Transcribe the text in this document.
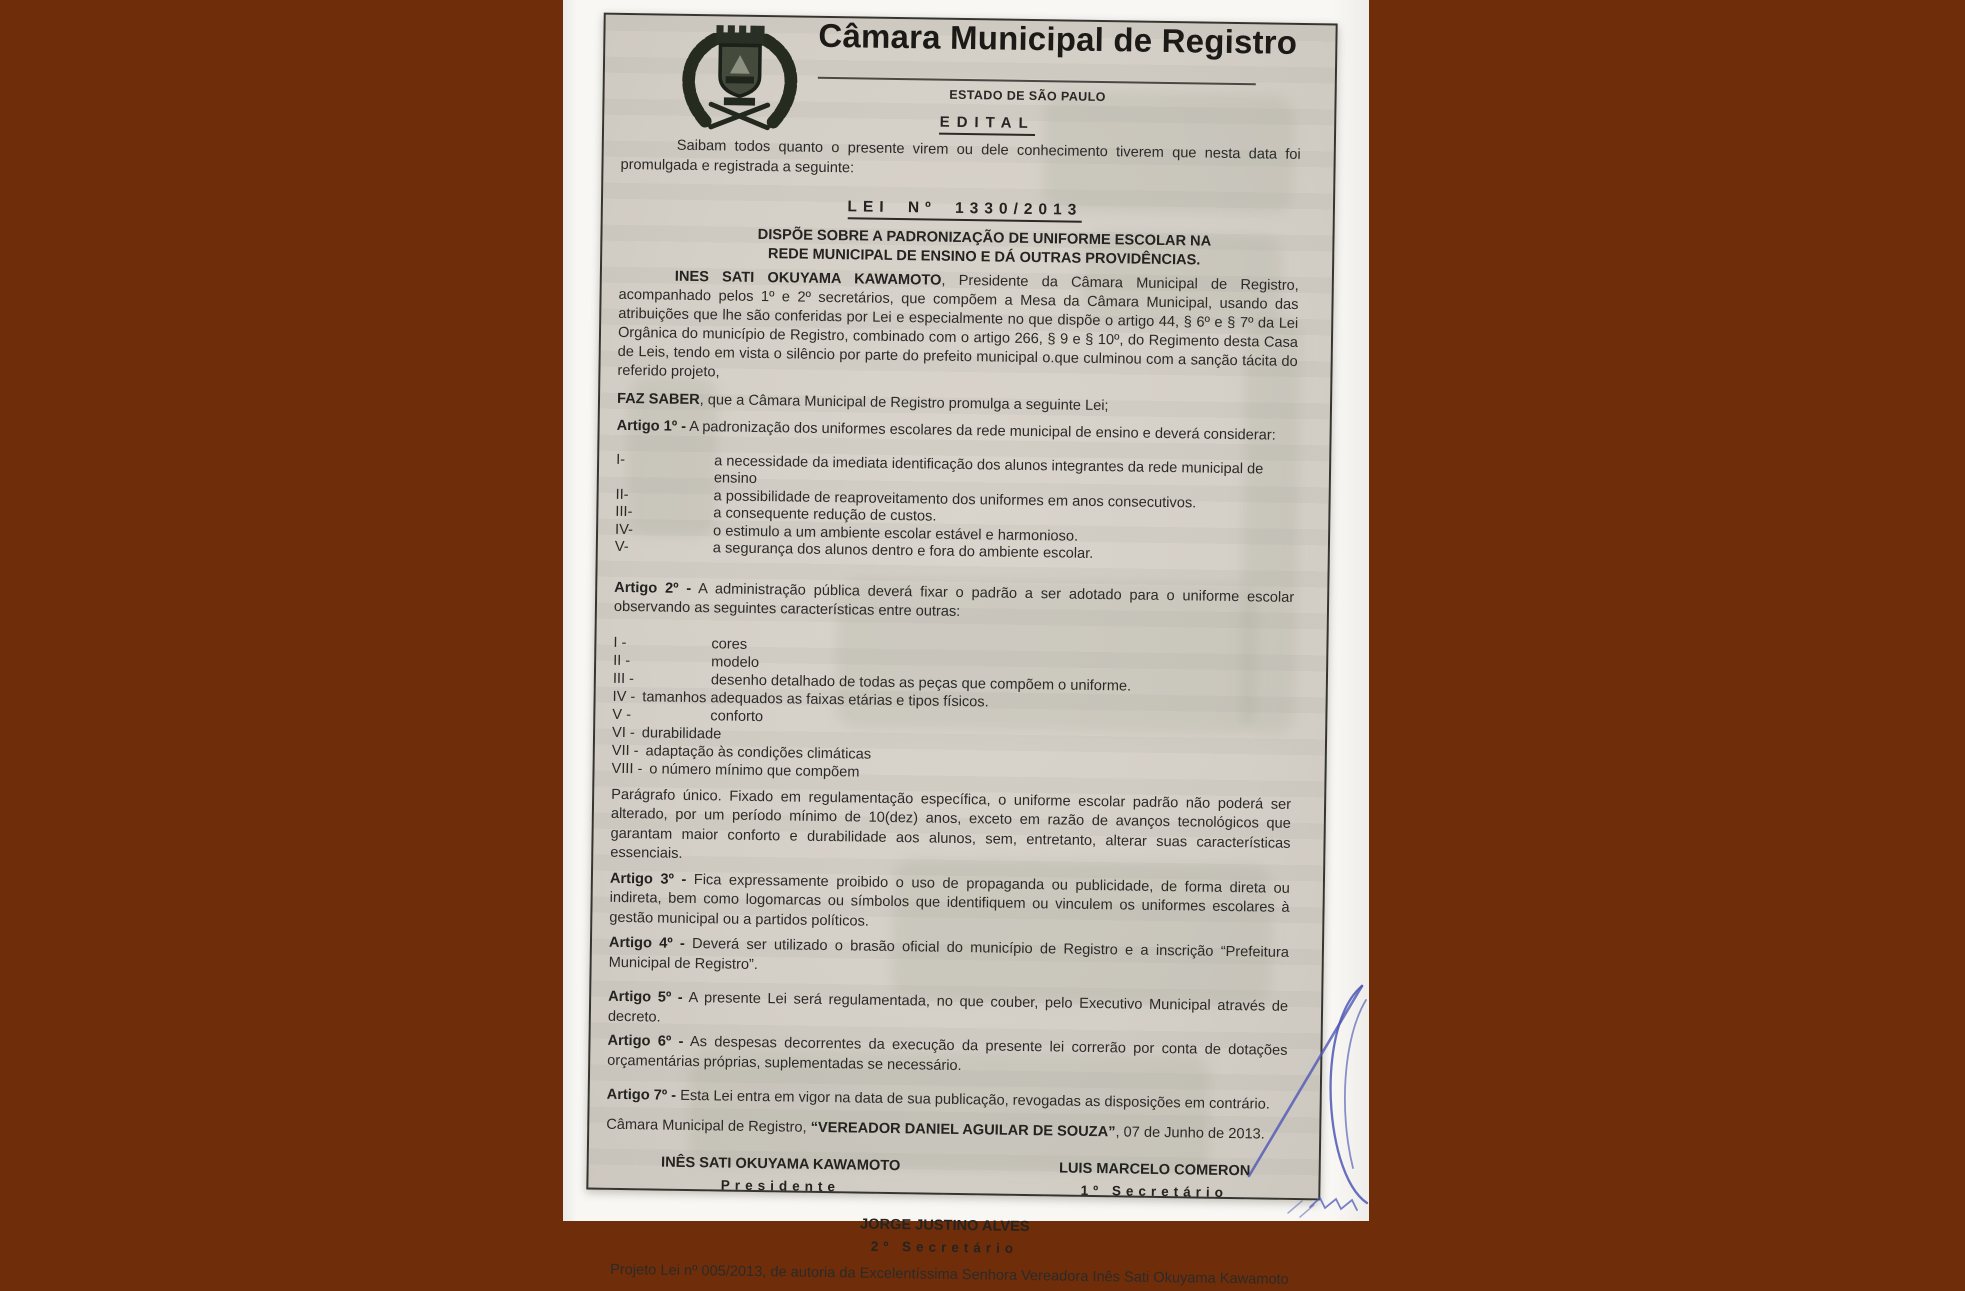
Câmara Municipal de Registro
ESTADO DE SÃO PAULO
EDITAL

Saibam todos quanto o presente virem ou dele conhecimento tiverem que nesta data foi promulgada e registrada a seguinte:

LEI Nº 1330/2013

DISPÕE SOBRE A PADRONIZAÇÃO DE UNIFORME ESCOLAR NA
REDE MUNICIPAL DE ENSINO E DÁ OUTRAS PROVIDÊNCIAS.

INES SATI OKUYAMA KAWAMOTO, Presidente da Câmara Municipal de Registro, acompanhado pelos 1º e 2º secretários, que compõem a Mesa da Câmara Municipal, usando das atribuições que lhe são conferidas por Lei e especialmente no que dispõe o artigo 44, § 6º e § 7º da Lei Orgânica do município de Registro, combinado com o artigo 266, § 9 e § 10º, do Regimento desta Casa de Leis, tendo em vista o silêncio por parte do prefeito municipal o.que culminou com a sanção tácita do referido projeto,

FAZ SABER, que a Câmara Municipal de Registro promulga a seguinte Lei;

Artigo 1º - A padronização dos uniformes escolares da rede municipal de ensino e deverá considerar:

I-	a necessidade da imediata identificação dos alunos integrantes da rede municipal de ensino
II-	a possibilidade de reaproveitamento dos uniformes em anos consecutivos.
III-	a consequente redução de custos.
IV-	o estimulo a um ambiente escolar estável e harmonioso.
V-	a segurança dos alunos dentro e fora do ambiente escolar.

Artigo 2º - A administração pública deverá fixar o padrão a ser adotado para o uniforme escolar observando as seguintes características entre outras:

I -	cores
II -	modelo
III -	desenho detalhado de todas as peças que compõem o uniforme.
IV - tamanhos adequados as faixas etárias e tipos físicos.
V -	conforto
VI - durabilidade
VII - adaptação às condições climáticas
VIII - o número mínimo que compõem

Parágrafo único. Fixado em regulamentação específica, o uniforme escolar padrão não poderá ser alterado, por um período mínimo de 10(dez) anos, exceto em razão de avanços tecnológicos que garantam maior conforto e durabilidade aos alunos, sem, entretanto, alterar suas características essenciais.

Artigo 3º - Fica expressamente proibido o uso de propaganda ou publicidade, de forma direta ou indireta, bem como logomarcas ou símbolos que identifiquem ou vinculem os uniformes escolares à gestão municipal ou a partidos políticos.

Artigo 4º - Deverá ser utilizado o brasão oficial do município de Registro e a inscrição “Prefeitura Municipal de Registro”.

Artigo 5º - A presente Lei será regulamentada, no que couber, pelo Executivo Municipal através de decreto.

Artigo 6º - As despesas decorrentes da execução da presente lei correrão por conta de dotações orçamentárias próprias, suplementadas se necessário.

Artigo 7º - Esta Lei entra em vigor na data de sua publicação, revogadas as disposições em contrário.

Câmara Municipal de Registro, “VEREADOR DANIEL AGUILAR DE SOUZA”, 07 de Junho de 2013.

INÊS SATI OKUYAMA KAWAMOTO
Presidente
LUIS MARCELO COMERON
1º Secretário
JORGE JUSTINO ALVES
2º Secretário

Projeto Lei nº 005/2013, de autoria da Excelentíssima Senhora Vereadora Inês Sati Okuyama Kawamoto
